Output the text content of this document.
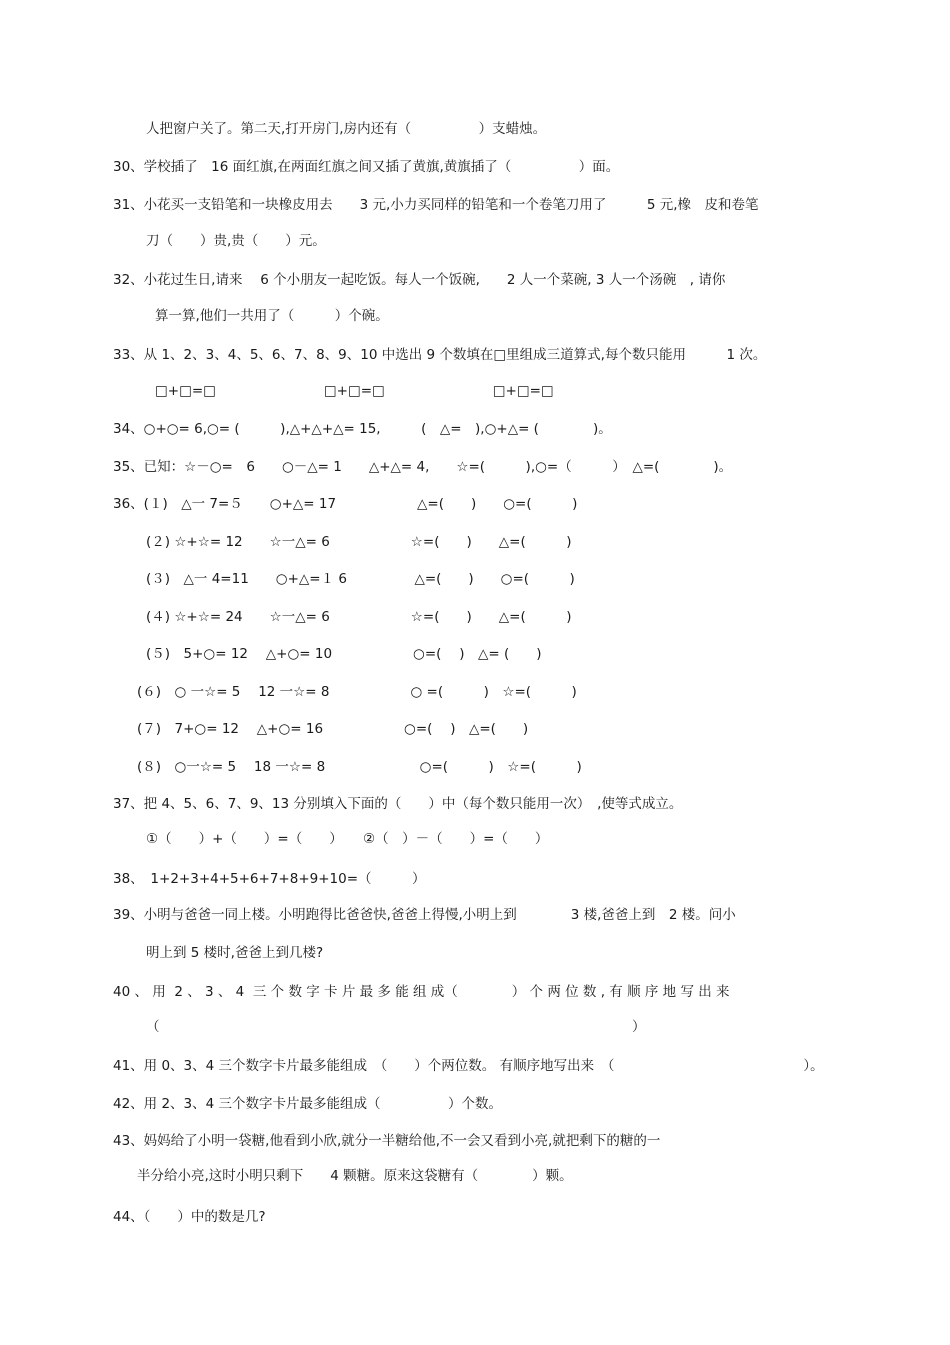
人把窗户关了。第二天,打开房门,房内还有（　　　　　）支蜡烛。
30、学校插了　16 面红旗,在两面红旗之间又插了黄旗,黄旗插了（　　　　　）面。
31、小花买一支铅笔和一块橡皮用去　　3 元,小力买同样的铅笔和一个卷笔刀用了　　　5 元,橡　皮和卷笔
刀（　　）贵,贵（　　）元。
32、小花过生日,请来　 6 个小朋友一起吃饭。每人一个饭碗,　　2 人一个菜碗, 3 人一个汤碗　, 请你
算一算,他们一共用了（　　　）个碗。
33、从 1、2、3、4、5、6、7、8、9、10 中选出 9 个数填在□里组成三道算式,每个数只能用　　　1 次。
□+□=□　　　　　　　　□+□=□　　　　　　　　□+□=□
34、○+○= 6,○= (　　　),△+△+△= 15,　　　(　△=　),○+△= (　　　　)。
35、已知：☆－○=　6　　○－△= 1　　△+△= 4,　　☆=(　　　),○=（　　　）　△=(　　　　)。
36、(１)　△一 7=５　　○+△= 17　　　　　　△=(　　)　　○=(　　　)
(２) ☆+☆= 12　　☆一△= 6　　　　　　☆=(　　)　　△=(　　　)
(３)　△一 4=11　　○+△=１ 6　　　　　△=(　　)　　○=(　　　)
(４) ☆+☆= 24　　☆一△= 6　　　　　　☆=(　　)　　△=(　　　)
(５)　5+○= 12　 △+○= 10　　　　　　○=(　 )　△= (　　)
(６)　○ 一☆= 5　 12 一☆= 8　　　　　　○ =(　　　)　☆=(　　　)
(７)　7+○= 12　 △+○= 16　　　　　　○=(　 )　△=(　　)
(８)　○一☆= 5　 18 一☆= 8　　　　　　　○=(　　　)　☆=(　　　)
37、把 4、5、6、7、9、13 分别填入下面的（　　）中（每个数只能用一次）　,使等式成立。
①（　　）+（　　）=（　　）　　②（　）－（　　）=（　　）
38、　1+2+3+4+5+6+7+8+9+10=（　　　）
39、小明与爸爸一同上楼。小明跑得比爸爸快,爸爸上得慢,小明上到　　　　3 楼,爸爸上到　2 楼。问小
明上到 5 楼时,爸爸上到几楼?
40 、 用  2 、 3 、 4  三 个 数 字 卡 片 最 多 能 组 成（　　　　） 个 两 位 数 , 有 顺 序 地 写 出 来
（　　　　　　　　　　　　　　　　　　　　　　　　　　　　　　　　　　　）
41、用 0、3、4 三个数字卡片最多能组成　（　　）个两位数。 有顺序地写出来　（　　　　　　　　　　　　　　）。
42、用 2、3、4 三个数字卡片最多能组成（　　　　　）个数。
43、妈妈给了小明一袋糖,他看到小欣,就分一半糖给他,不一会又看到小亮,就把剩下的糖的一
半分给小亮,这时小明只剩下　　4 颗糖。原来这袋糖有（　　　　）颗。
44、（　　）中的数是几?
